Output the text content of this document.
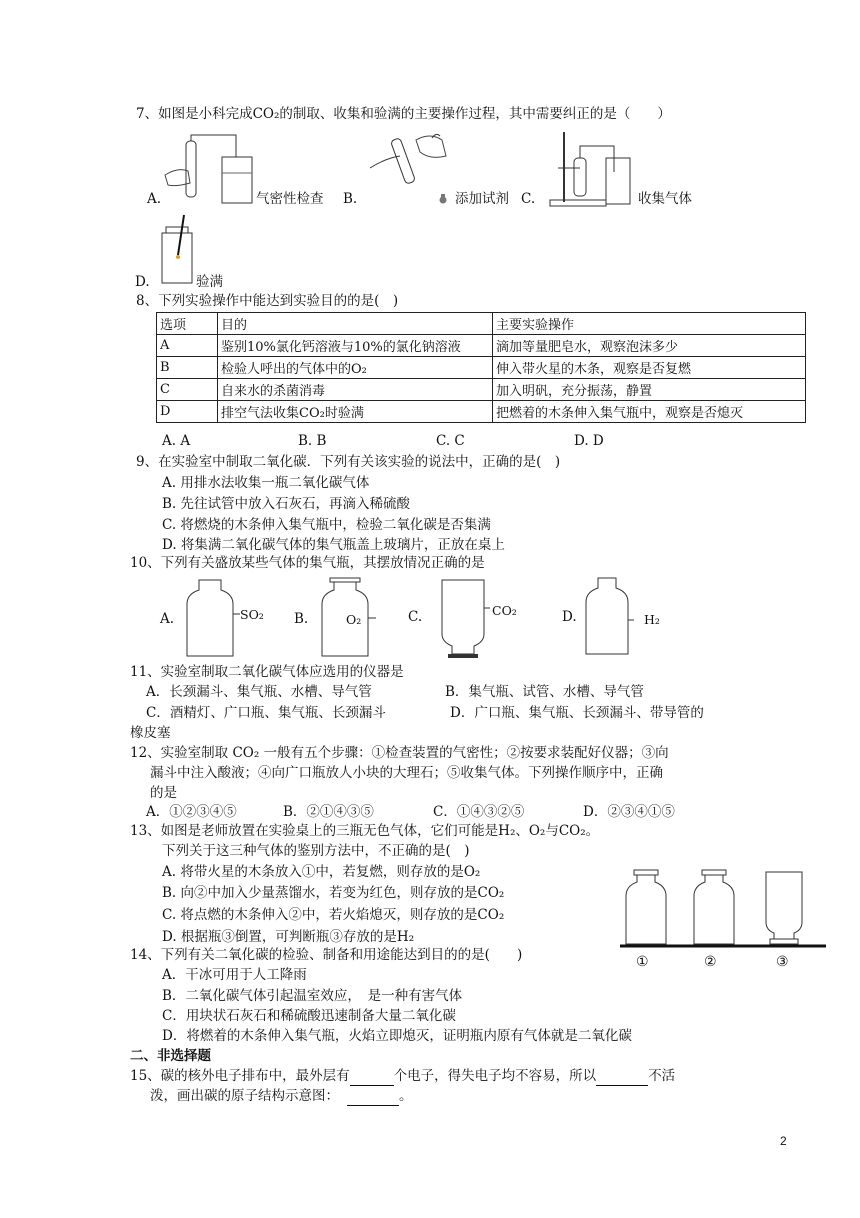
7、如图是小科完成CO₂的制取、收集和验满的主要操作过程，其中需要纠正的是（　　）
A.	气密性检查 B.	添加试剂 C.	收集气体
D.	验满
8、下列实验操作中能达到实验目的的是(　)
选项	目的	主要实验操作
A	鉴别10%氯化钙溶液与10%的氯化钠溶液	滴加等量肥皂水，观察泡沫多少
B	检验人呼出的气体中的O₂	伸入带火星的木条，观察是否复燃
C	自来水的杀菌消毒	加入明矾，充分振荡，静置
D	排空气法收集CO₂时验满	把燃着的木条伸入集气瓶中，观察是否熄灭
A. A	B. B	C. C	D. D
9、在实验室中制取二氧化碳．下列有关该实验的说法中，正确的是(　)
A. 用排水法收集一瓶二氧化碳气体
B. 先往试管中放入石灰石，再滴入稀硫酸
C. 将燃烧的木条伸入集气瓶中，检验二氧化碳是否集满
D. 将集满二氧化碳气体的集气瓶盖上玻璃片，正放在桌上
10、下列有关盛放某些气体的集气瓶，其摆放情况正确的是
A.	SO₂ B.	O₂	C.	CO₂	D.	H₂
11、实验室制取二氧化碳气体应选用的仪器是
A．长颈漏斗、集气瓶、水槽、导气管	B．集气瓶、试管、水槽、导气管
C．酒精灯、广口瓶、集气瓶、长颈漏斗	D．广口瓶、集气瓶、长颈漏斗、带导管的
橡皮塞
12、实验室制取 CO₂ 一般有五个步骤：①检查装置的气密性；②按要求装配好仪器；③向
漏斗中注入酸液；④向广口瓶放人小块的大理石；⑤收集气体。下列操作顺序中，正确
的是
A．①②③④⑤	B．②①④③⑤	C．①④③②⑤	D．②③④①⑤
13、如图是老师放置在实验桌上的三瓶无色气体，它们可能是H₂、O₂与CO₂。
下列关于这三种气体的鉴别方法中，不正确的是(　)
A. 将带火星的木条放入①中，若复燃，则存放的是O₂
B. 向②中加入少量蒸馏水，若变为红色，则存放的是CO₂
C. 将点燃的木条伸入②中，若火焰熄灭，则存放的是CO₂
D. 根据瓶③倒置，可判断瓶③存放的是H₂
①	②	③
14、下列有关二氧化碳的检验、制备和用途能达到目的的是(　　)
A．干冰可用于人工降雨
B．二氧化碳气体引起温室效应，　是一种有害气体
C．用块状石灰石和稀硫酸迅速制备大量二氧化碳
D．将燃着的木条伸入集气瓶，火焰立即熄灭，证明瓶内原有气体就是二氧化碳
二、非选择题
15、碳的核外电子排布中，最外层有	个电子，得失电子均不容易，所以	不活
泼，画出碳的原子结构示意图：	。
2
